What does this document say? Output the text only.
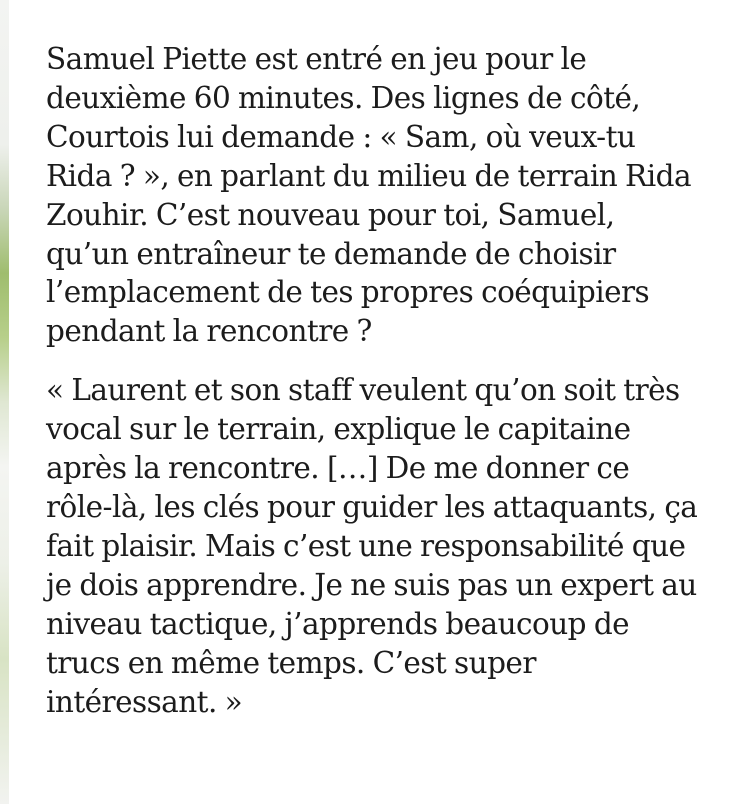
Samuel Piette est entré en jeu pour le
deuxième 60 minutes. Des lignes de côté,
Courtois lui demande : « Sam, où veux-tu
Rida ? », en parlant du milieu de terrain Rida
Zouhir. C’est nouveau pour toi, Samuel,
qu’un entraîneur te demande de choisir
l’emplacement de tes propres coéquipiers
pendant la rencontre ?

« Laurent et son staff veulent qu’on soit très
vocal sur le terrain, explique le capitaine
après la rencontre. […] De me donner ce
rôle-là, les clés pour guider les attaquants, ça
fait plaisir. Mais c’est une responsabilité que
je dois apprendre. Je ne suis pas un expert au
niveau tactique, j’apprends beaucoup de
trucs en même temps. C’est super
intéressant. »
